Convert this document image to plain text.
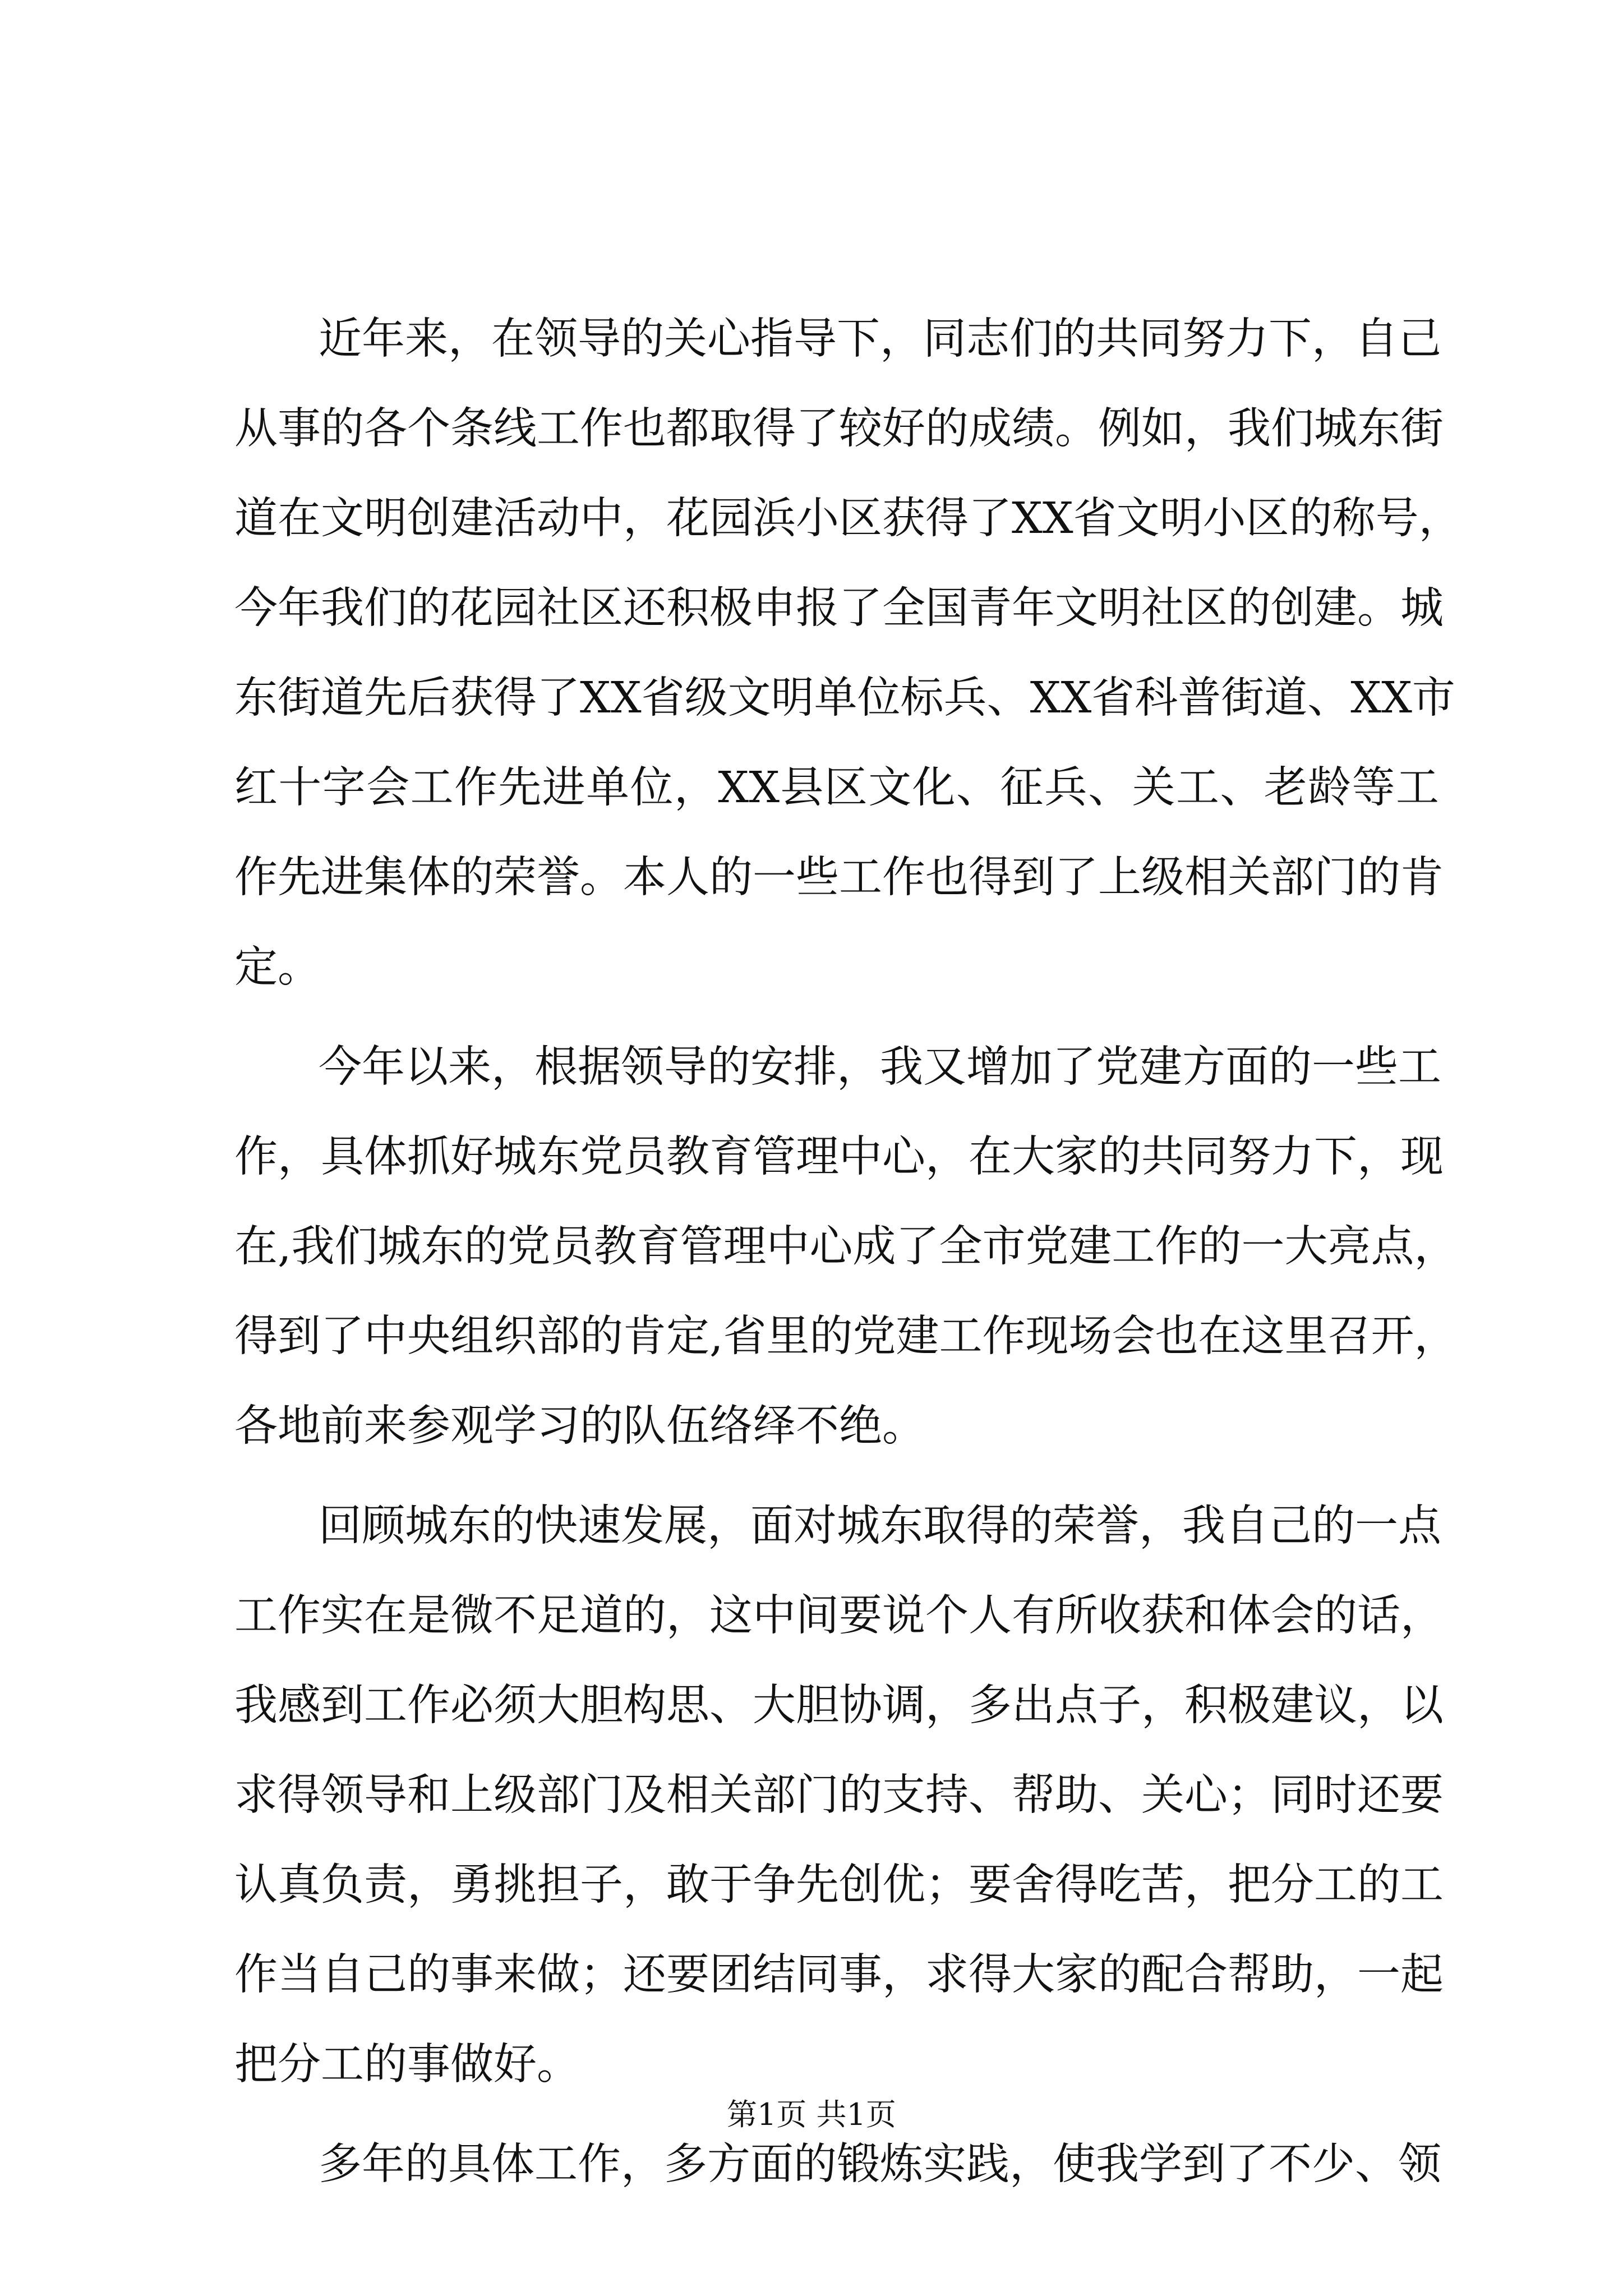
近年来，在领导的关心指导下，同志们的共同努力下，自己
从事的各个条线工作也都取得了较好的成绩。例如，我们城东街
道在文明创建活动中，花园浜小区获得了XX省文明小区的称号，
今年我们的花园社区还积极申报了全国青年文明社区的创建。城
东街道先后获得了XX省级文明单位标兵、XX省科普街道、XX市
红十字会工作先进单位，XX县区文化、征兵、关工、老龄等工
作先进集体的荣誉。本人的一些工作也得到了上级相关部门的肯
定。
今年以来，根据领导的安排，我又增加了党建方面的一些工
作，具体抓好城东党员教育管理中心，在大家的共同努力下，现
在,我们城东的党员教育管理中心成了全市党建工作的一大亮点，
得到了中央组织部的肯定,省里的党建工作现场会也在这里召开，
各地前来参观学习的队伍络绎不绝。
回顾城东的快速发展，面对城东取得的荣誉，我自己的一点
工作实在是微不足道的，这中间要说个人有所收获和体会的话，
我感到工作必须大胆构思、大胆协调，多出点子，积极建议，以
求得领导和上级部门及相关部门的支持、帮助、关心；同时还要
认真负责，勇挑担子，敢于争先创优；要舍得吃苦，把分工的工
作当自己的事来做；还要团结同事，求得大家的配合帮助，一起
把分工的事做好。
多年的具体工作，多方面的锻炼实践，使我学到了不少、领
第1页 共1页
